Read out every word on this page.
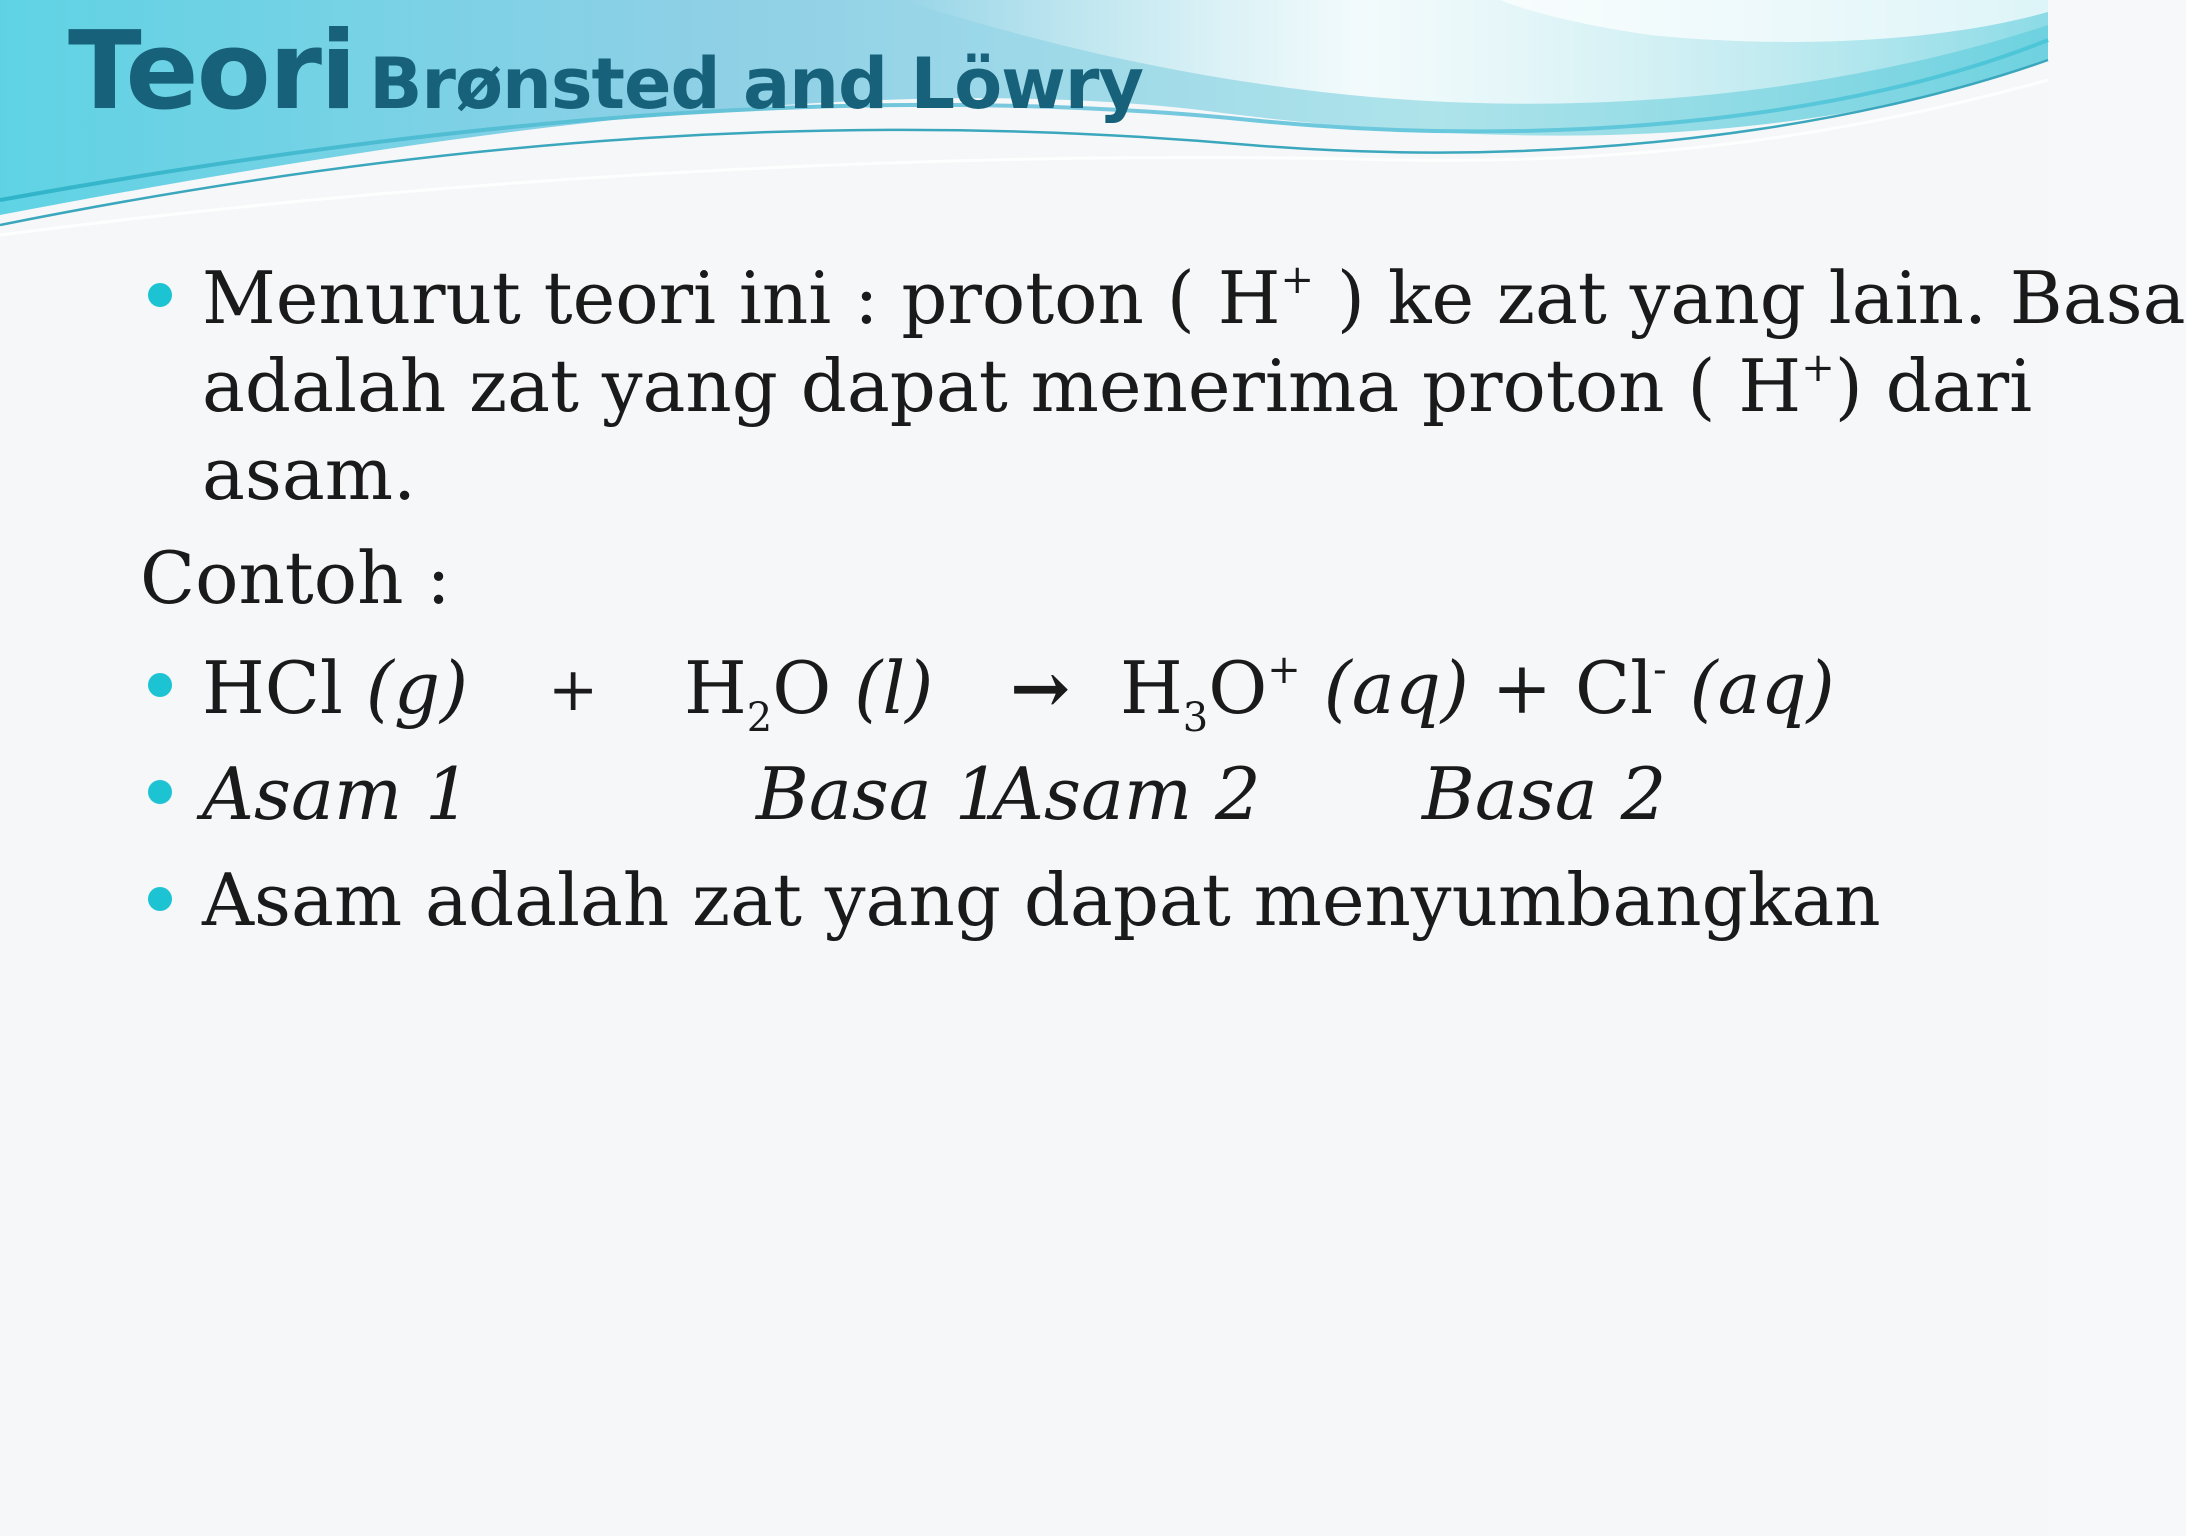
Teori Brønsted and Löwry
Menurut teori ini : proton ( H+ ) ke zat yang lain. Basa
adalah zat yang dapat menerima proton ( H+) dari
asam.
Contoh :
HCl $(g) + H_2O$ $(l) \to H_3O^+$ (aq) + Cl- (aq)
Asam 1	Basa 1
Asam 2 Basa 2
Asam adalah zat yang dapat menyumbangkan
